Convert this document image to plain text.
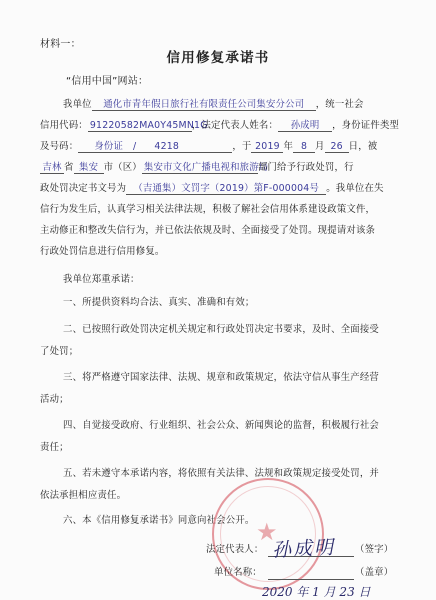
材料一：
信用修复承诺书
“信用中国”网站：
我单位 通化市青年假日旅行社有限责任公司集安分公司 ，统一社会
信用代码： 91220582MA0Y45MN1G，法定代表人姓名： 孙成明 ，身份证件类型
及号码： 身份证 / 4218	，于 2019 年 8 月 26 日，被
吉林 省 集安 市（区） 集安市文化广播电视和旅游局部门给予行政处罚，行
政处罚决定书文号为 （吉通集）文罚字（2019）第F-000004号 。我单位在失
信行为发生后，认真学习相关法律法规，积极了解社会信用体系建设政策文件，
主动修正和整改失信行为，并已依法依规及时、全面接受了处罚。现提请对该条
行政处罚信息进行信用修复。
我单位郑重承诺：
一、所提供资料均合法、真实、准确和有效；
二、已按照行政处罚决定机关规定和行政处罚决定书要求，及时、全面接受
了处罚；
三、将严格遵守国家法律、法规、规章和政策规定，依法守信从事生产经营
活动；
四、自觉接受政府、行业组织、社会公众、新闻舆论的监督，积极履行社会
责任；
五、若未遵守本承诺内容，将依照有关法律、法规和政策规定接受处罚，并
依法承担相应责任。
六、本《信用修复承诺书》同意向社会公开。 ★
法定代表人： 孙成明 （签字）
单位名称：	（盖章）
2020 年 1 月 23 日
